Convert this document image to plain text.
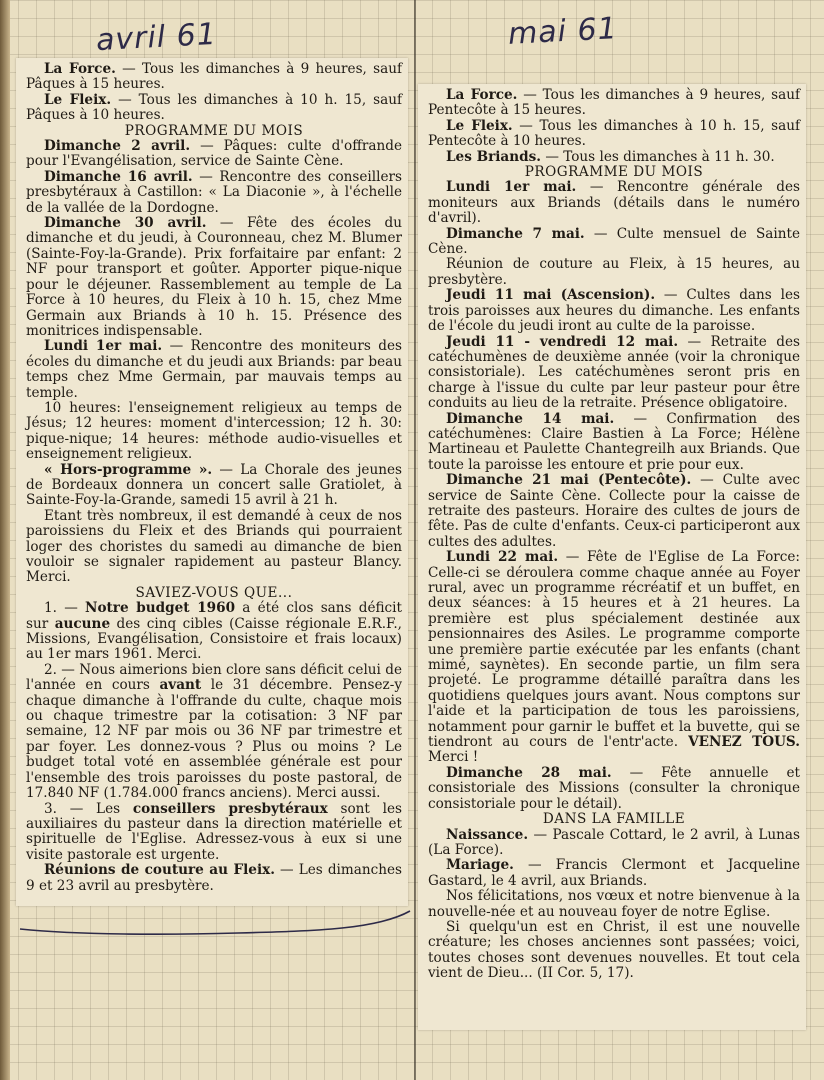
avril 61	mai 61

La Force. — Tous les dimanches à 9 heures, sauf Pâques à 15 heures.

Le Fleix. — Tous les dimanches à 10 h. 15, sauf Pâques à 10 heures.

PROGRAMME DU MOIS

Dimanche 2 avril. — Pâques: culte d'offrande pour l'Evangélisation, service de Sainte Cène.

Dimanche 16 avril. — Rencontre des conseillers presbytéraux à Castillon: « La Diaconie », à l'échelle de la vallée de la Dordogne.

Dimanche 30 avril. — Fête des écoles du dimanche et du jeudi, à Couronneau, chez M. Blumer (Sainte-Foy-la-Grande). Prix forfaitaire par enfant: 2 NF pour transport et goûter. Apporter pique-nique pour le déjeuner. Rassemblement au temple de La Force à 10 heures, du Fleix à 10 h. 15, chez Mme Germain aux Briands à 10 h. 15. Présence des monitrices indispensable.

Lundi 1er mai. — Rencontre des moniteurs des écoles du dimanche et du jeudi aux Briands: par beau temps chez Mme Germain, par mauvais temps au temple.

10 heures: l'enseignement religieux au temps de Jésus; 12 heures: moment d'intercession; 12 h. 30: pique-nique; 14 heures: méthode audio-visuelles et enseignement religieux.

« Hors-programme ». — La Chorale des jeunes de Bordeaux donnera un concert salle Gratiolet, à Sainte-Foy-la-Grande, samedi 15 avril à 21 h.

Etant très nombreux, il est demandé à ceux de nos paroissiens du Fleix et des Briands qui pourraient loger des choristes du samedi au dimanche de bien vouloir se signaler rapidement au pasteur Blancy. Merci.

SAVIEZ-VOUS QUE...

1. — Notre budget 1960 a été clos sans déficit sur aucune des cinq cibles (Caisse régionale E.R.F., Missions, Evangélisation, Consistoire et frais locaux) au 1er mars 1961. Merci.

2. — Nous aimerions bien clore sans déficit celui de l'année en cours avant le 31 décembre. Pensez-y chaque dimanche à l'offrande du culte, chaque mois ou chaque trimestre par la cotisation: 3 NF par semaine, 12 NF par mois ou 36 NF par trimestre et par foyer. Les donnez-vous ? Plus ou moins ? Le budget total voté en assemblée générale est pour l'ensemble des trois paroisses du poste pastoral, de 17.840 NF (1.784.000 francs anciens). Merci aussi.

3. — Les conseillers presbytéraux sont les auxiliaires du pasteur dans la direction matérielle et spirituelle de l'Eglise. Adressez-vous à eux si une visite pastorale est urgente.

Réunions de couture au Fleix. — Les dimanches 9 et 23 avril au presbytère.

La Force. — Tous les dimanches à 9 heures, sauf Pentecôte à 15 heures.

Le Fleix. — Tous les dimanches à 10 h. 15, sauf Pentecôte à 10 heures.

Les Briands. — Tous les dimanches à 11 h. 30.

PROGRAMME DU MOIS

Lundi 1er mai. — Rencontre générale des moniteurs aux Briands (détails dans le numéro d'avril).

Dimanche 7 mai. — Culte mensuel de Sainte Cène.

Réunion de couture au Fleix, à 15 heures, au presbytère.

Jeudi 11 mai (Ascension). — Cultes dans les trois paroisses aux heures du dimanche. Les enfants de l'école du jeudi iront au culte de la paroisse.

Jeudi 11 - vendredi 12 mai. — Retraite des catéchumènes de deuxième année (voir la chronique consistoriale). Les catéchumènes seront pris en charge à l'issue du culte par leur pasteur pour être conduits au lieu de la retraite. Présence obligatoire.

Dimanche 14 mai. — Confirmation des catéchumènes: Claire Bastien à La Force; Hélène Martineau et Paulette Chantegreilh aux Briands. Que toute la paroisse les entoure et prie pour eux.

Dimanche 21 mai (Pentecôte). — Culte avec service de Sainte Cène. Collecte pour la caisse de retraite des pasteurs. Horaire des cultes de jours de fête. Pas de culte d'enfants. Ceux-ci participeront aux cultes des adultes.

Lundi 22 mai. — Fête de l'Eglise de La Force: Celle-ci se déroulera comme chaque année au Foyer rural, avec un programme récréatif et un buffet, en deux séances: à 15 heures et à 21 heures. La première est plus spécialement destinée aux pensionnaires des Asiles. Le programme comporte une première partie exécutée par les enfants (chant mimé, saynètes). En seconde partie, un film sera projeté. Le programme détaillé paraîtra dans les quotidiens quelques jours avant. Nous comptons sur l'aide et la participation de tous les paroissiens, notamment pour garnir le buffet et la buvette, qui se tiendront au cours de l'entr'acte. VENEZ TOUS. Merci !

Dimanche 28 mai. — Fête annuelle et consistoriale des Missions (consulter la chronique consistoriale pour le détail).

DANS LA FAMILLE

Naissance. — Pascale Cottard, le 2 avril, à Lunas (La Force).

Mariage. — Francis Clermont et Jacqueline Gastard, le 4 avril, aux Briands.

Nos félicitations, nos vœux et notre bienvenue à la nouvelle-née et au nouveau foyer de notre Eglise.

Si quelqu'un est en Christ, il est une nouvelle créature; les choses anciennes sont passées; voici, toutes choses sont devenues nouvelles. Et tout cela vient de Dieu... (II Cor. 5, 17).
